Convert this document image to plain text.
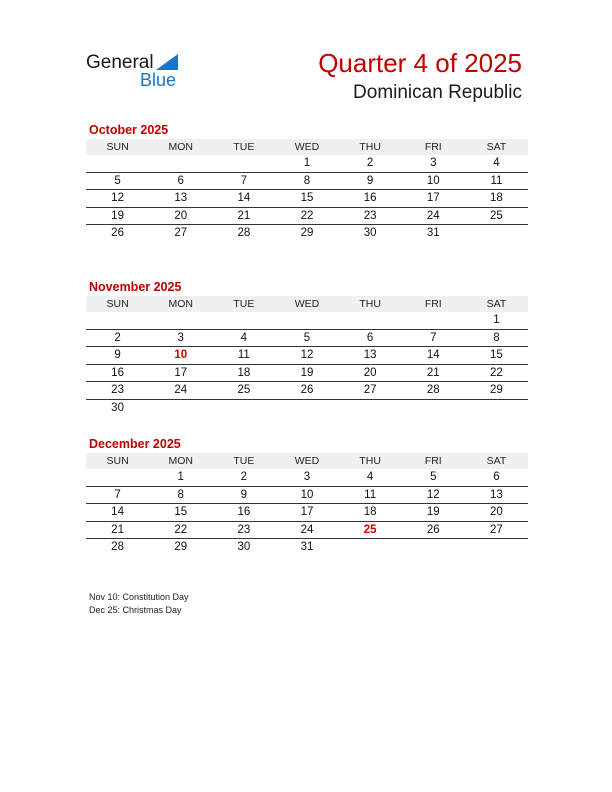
General
Blue
Quarter 4 of 2025
Dominican Republic
October 2025
SUN	MON	TUE	WED	THU	FRI	SAT
			1	2	3	4
5	6	7	8	9	10	11
12	13	14	15	16	17	18
19	20	21	22	23	24	25
26	27	28	29	30	31	
November 2025
SUN	MON	TUE	WED	THU	FRI	SAT
						1
2	3	4	5	6	7	8
9	10	11	12	13	14	15
16	17	18	19	20	21	22
23	24	25	26	27	28	29
30						
December 2025
SUN	MON	TUE	WED	THU	FRI	SAT
	1	2	3	4	5	6
7	8	9	10	11	12	13
14	15	16	17	18	19	20
21	22	23	24	25	26	27
28	29	30	31			
Nov 10: Constitution Day
Dec 25: Christmas Day
